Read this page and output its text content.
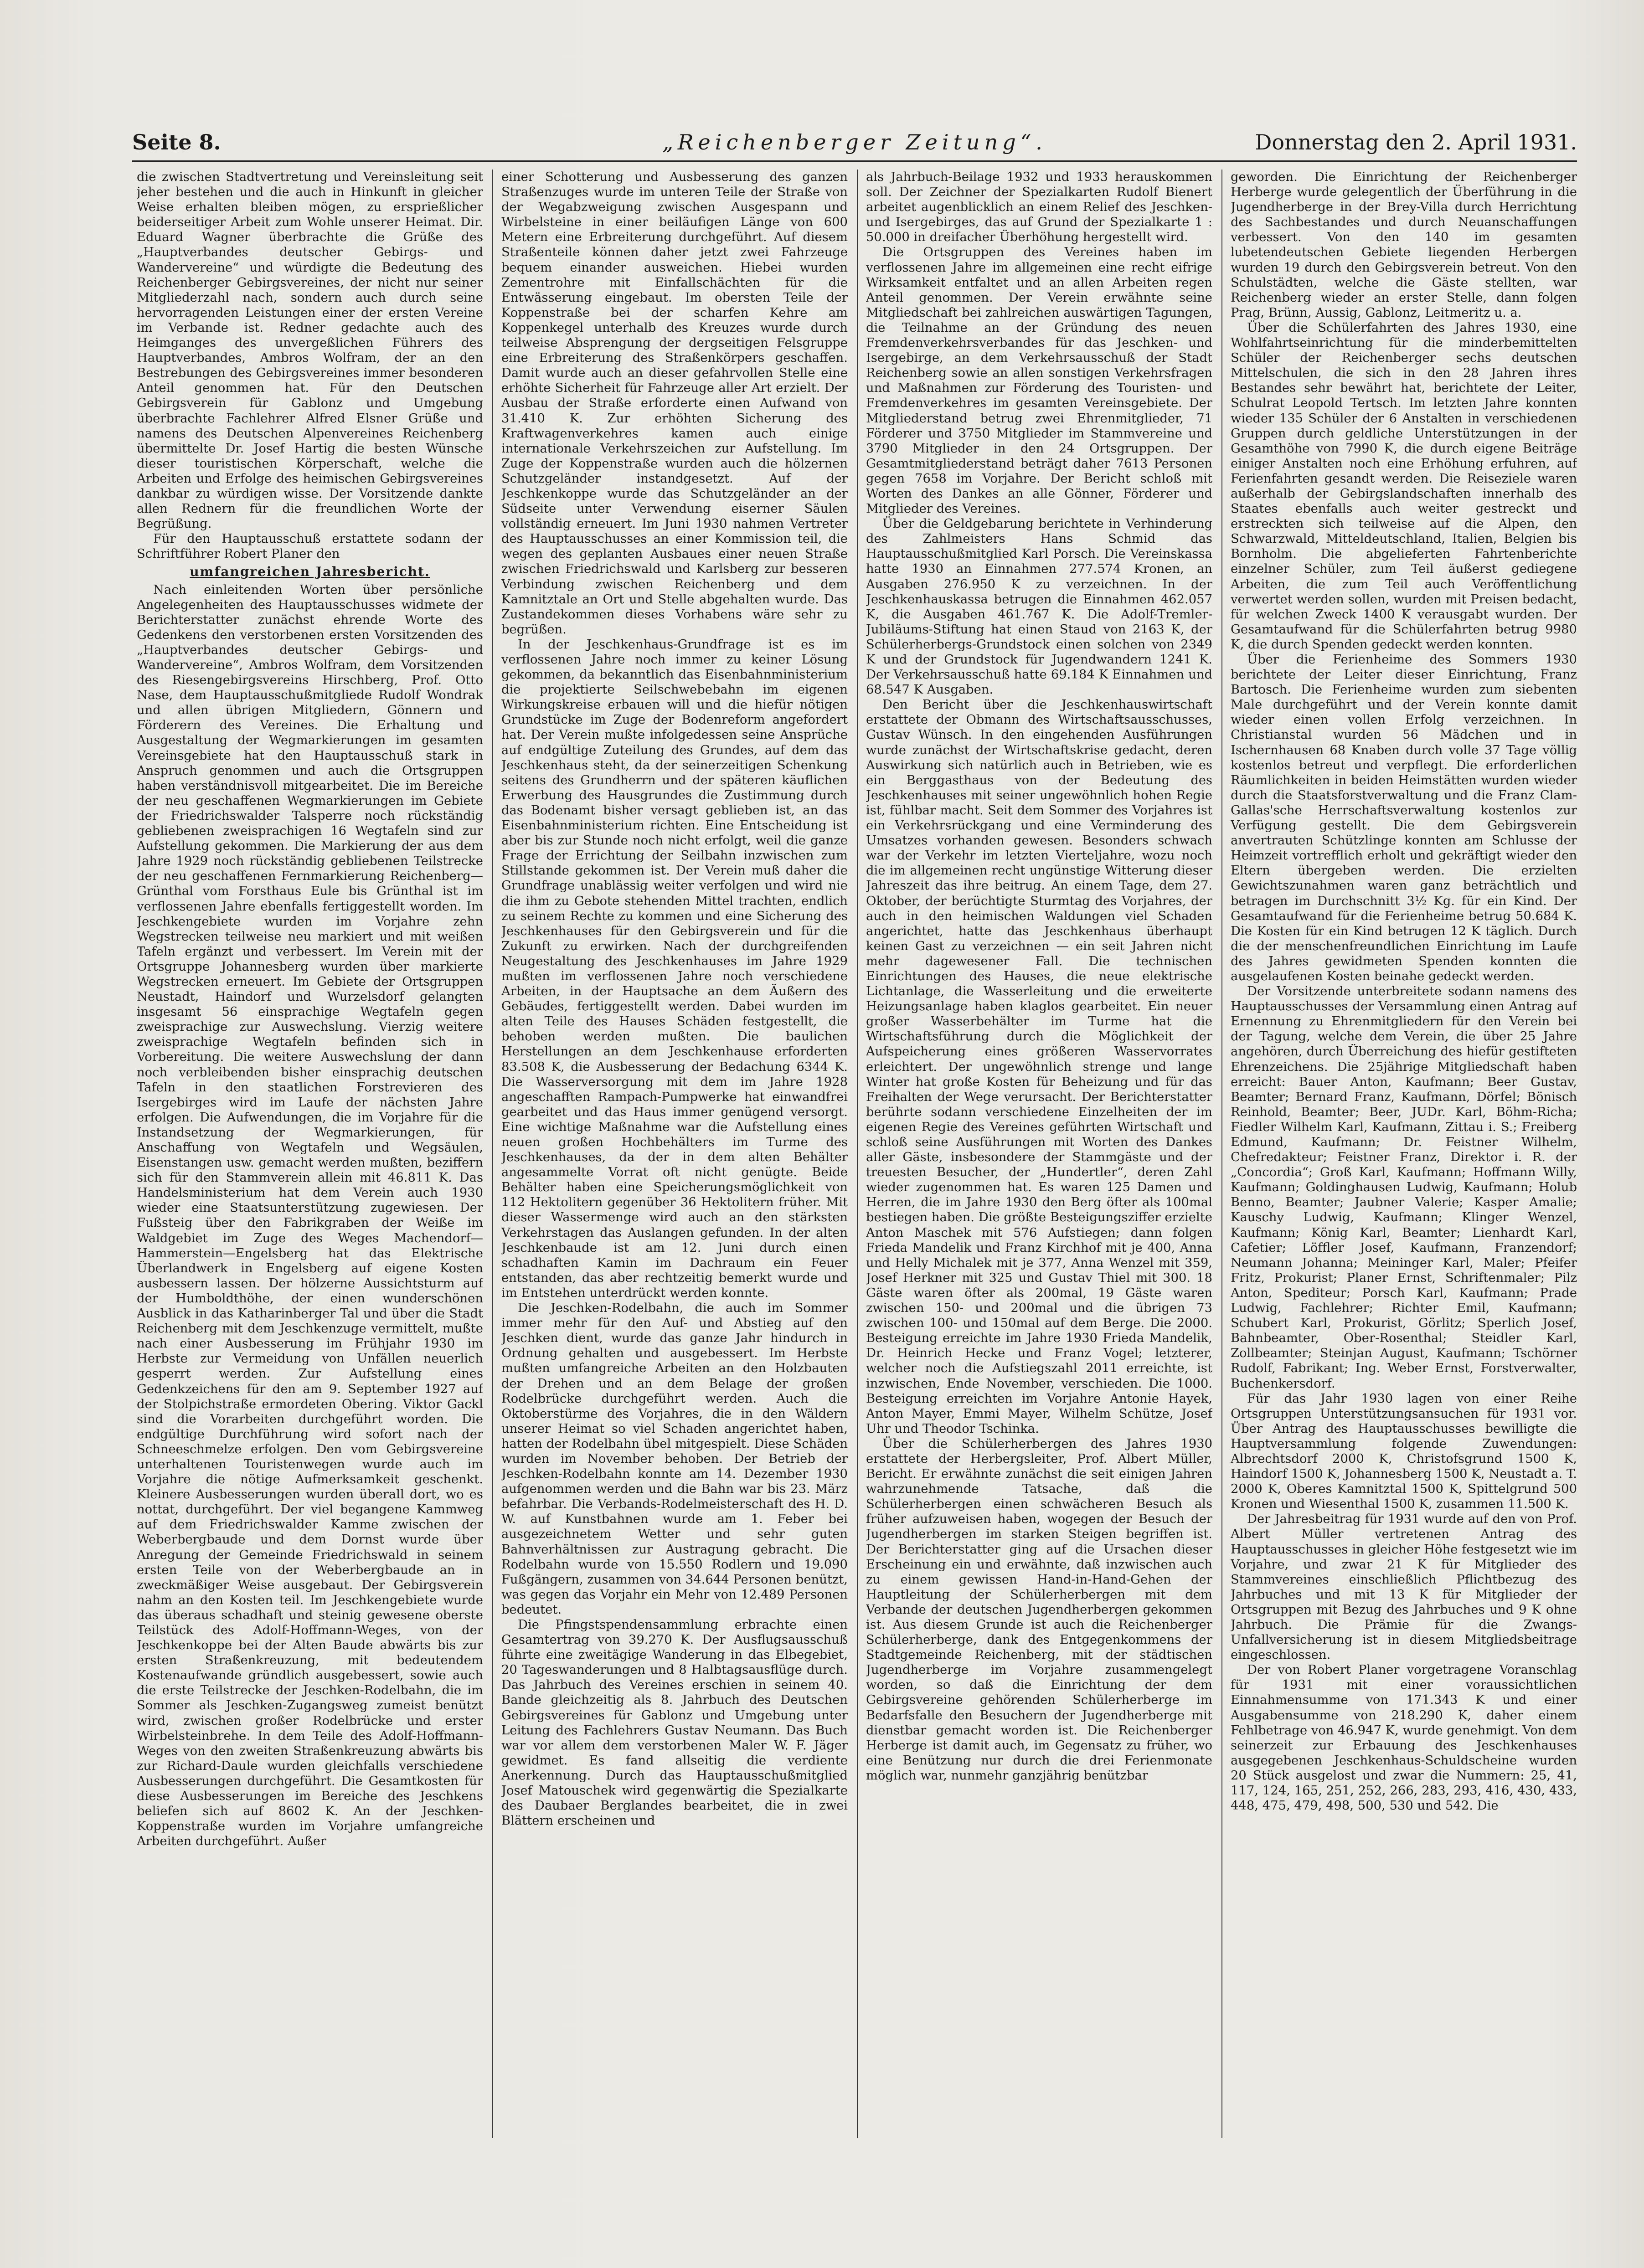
Seite 8.	„Reichenberger Zeitung“.	Donnerstag den 2. April 1931.

die zwischen Stadtvertretung und Vereinsleitung seit jeher bestehen und die auch in Hinkunft in gleicher Weise erhalten bleiben mögen, zu ersprießlicher beiderseitiger Arbeit zum Wohle unserer Heimat. Dir. Eduard Wagner überbrachte die Grüße des „Hauptverbandes deutscher Gebirgs- und Wandervereine“ und würdigte die Bedeutung des Reichenberger Gebirgsvereines, der nicht nur seiner Mitgliederzahl nach, sondern auch durch seine hervorragenden Leistungen einer der ersten Vereine im Verbande ist. Redner gedachte auch des Heimganges des unvergeßlichen Führers des Hauptverbandes, Ambros Wolfram, der an den Bestrebungen des Gebirgsvereines immer besonderen Anteil genommen hat. Für den Deutschen Gebirgsverein für Gablonz und Umgebung überbrachte Fachlehrer Alfred Elsner Grüße und namens des Deutschen Alpenvereines Reichenberg übermittelte Dr. Josef Hartig die besten Wünsche dieser touristischen Körperschaft, welche die Arbeiten und Erfolge des heimischen Gebirgsvereines dankbar zu würdigen wisse. Der Vorsitzende dankte allen Rednern für die freundlichen Worte der Begrüßung.

Für den Hauptausschuß erstattete sodann der Schriftführer Robert Planer den

umfangreichen Jahresbericht.

Nach einleitenden Worten über persönliche Angelegenheiten des Hauptausschusses widmete der Berichterstatter zunächst ehrende Worte des Gedenkens den verstorbenen ersten Vorsitzenden des „Hauptverbandes deutscher Gebirgs- und Wandervereine“, Ambros Wolfram, dem Vorsitzenden des Riesengebirgsvereins Hirschberg, Prof. Otto Nase, dem Hauptausschußmitgliede Rudolf Wondrak und allen übrigen Mitgliedern, Gönnern und Förderern des Vereines. Die Erhaltung und Ausgestaltung der Wegmarkierungen im gesamten Vereinsgebiete hat den Hauptausschuß stark in Anspruch genommen und auch die Ortsgruppen haben verständnisvoll mitgearbeitet. Die im Bereiche der neu geschaffenen Wegmarkierungen im Gebiete der Friedrichswalder Talsperre noch rückständig gebliebenen zweisprachigen 16 Wegtafeln sind zur Aufstellung gekommen. Die Markierung der aus dem Jahre 1929 noch rückständig gebliebenen Teilstrecke der neu geschaffenen Fernmarkierung Reichenberg—Grünthal vom Forsthaus Eule bis Grünthal ist im verflossenen Jahre ebenfalls fertiggestellt worden. Im Jeschkengebiete wurden im Vorjahre zehn Wegstrecken teilweise neu markiert und mit weißen Tafeln ergänzt und verbessert. Im Verein mit der Ortsgruppe Johannesberg wurden über markierte Wegstrecken erneuert. Im Gebiete der Ortsgruppen Neustadt, Haindorf und Wurzelsdorf gelangten insgesamt 56 einsprachige Wegtafeln gegen zweisprachige zur Auswechslung. Vierzig weitere zweisprachige Wegtafeln befinden sich in Vorbereitung. Die weitere Auswechslung der dann noch verbleibenden bisher einsprachig deutschen Tafeln in den staatlichen Forstrevieren des Isergebirges wird im Laufe der nächsten Jahre erfolgen. Die Aufwendungen, die im Vorjahre für die Instandsetzung der Wegmarkierungen, für Anschaffung von Wegtafeln und Wegsäulen, Eisenstangen usw. gemacht werden mußten, beziffern sich für den Stammverein allein mit 46.811 K. Das Handelsministerium hat dem Verein auch 1930 wieder eine Staatsunterstützung zugewiesen. Der Fußsteig über den Fabrikgraben der Weiße im Waldgebiet im Zuge des Weges Machendorf—Hammerstein—Engelsberg hat das Elektrische Überlandwerk in Engelsberg auf eigene Kosten ausbessern lassen. Der hölzerne Aussichtsturm auf der Humboldthöhe, der einen wunderschönen Ausblick in das Katharinberger Tal und über die Stadt Reichenberg mit dem Jeschkenzuge vermittelt, mußte nach einer Ausbesserung im Frühjahr 1930 im Herbste zur Vermeidung von Unfällen neuerlich gesperrt werden. Zur Aufstellung eines Gedenkzeichens für den am 9. September 1927 auf der Stolpichstraße ermordeten Obering. Viktor Gackl sind die Vorarbeiten durchgeführt worden. Die endgültige Durchführung wird sofort nach der Schneeschmelze erfolgen. Den vom Gebirgsvereine unterhaltenen Touristenwegen wurde auch im Vorjahre die nötige Aufmerksamkeit geschenkt. Kleinere Ausbesserungen wurden überall dort, wo es nottat, durchgeführt. Der viel begangene Kammweg auf dem Friedrichswalder Kamme zwischen der Weberbergbaude und dem Dornst wurde über Anregung der Gemeinde Friedrichswald in seinem ersten Teile von der Weberbergbaude an in zweckmäßiger Weise ausgebaut. Der Gebirgsverein nahm an den Kosten teil. Im Jeschkengebiete wurde das überaus schadhaft und steinig gewesene oberste Teilstück des Adolf-Hoffmann-Weges, von der Jeschkenkoppe bei der Alten Baude abwärts bis zur ersten Straßenkreuzung, mit bedeutendem Kostenaufwande gründlich ausgebessert, sowie auch die erste Teilstrecke der Jeschken-Rodelbahn, die im Sommer als Jeschken-Zugangsweg zumeist benützt wird, zwischen großer Rodelbrücke und erster Wirbelsteinbrehe. In dem Teile des Adolf-Hoffmann-Weges von den zweiten Straßenkreuzung abwärts bis zur Richard-Daule wurden gleichfalls verschiedene Ausbesserungen durchgeführt. Die Gesamtkosten für diese Ausbesserungen im Bereiche des Jeschkens beliefen sich auf 8602 K. An der Jeschken-Koppenstraße wurden im Vorjahre umfangreiche Arbeiten durchgeführt. Außer

einer Schotterung und Ausbesserung des ganzen Straßenzuges wurde im unteren Teile der Straße von der Wegabzweigung zwischen Ausgespann und Wirbelsteine in einer beiläufigen Länge von 600 Metern eine Erbreiterung durchgeführt. Auf diesem Straßenteile können daher jetzt zwei Fahrzeuge bequem einander ausweichen. Hiebei wurden Zementrohre mit Einfallschächten für die Entwässerung eingebaut. Im obersten Teile der Koppenstraße bei der scharfen Kehre am Koppenkegel unterhalb des Kreuzes wurde durch teilweise Absprengung der dergseitigen Felsgruppe eine Erbreiterung des Straßenkörpers geschaffen. Damit wurde auch an dieser gefahrvollen Stelle eine erhöhte Sicherheit für Fahrzeuge aller Art erzielt. Der Ausbau der Straße erforderte einen Aufwand von 31.410 K. Zur erhöhten Sicherung des Kraftwagenverkehres kamen auch einige internationale Verkehrszeichen zur Aufstellung. Im Zuge der Koppenstraße wurden auch die hölzernen Schutzgeländer instandgesetzt. Auf der Jeschkenkoppe wurde das Schutzgeländer an der Südseite unter Verwendung eiserner Säulen vollständig erneuert. Im Juni 1930 nahmen Vertreter des Hauptausschusses an einer Kommission teil, die wegen des geplanten Ausbaues einer neuen Straße zwischen Friedrichswald und Karlsberg zur besseren Verbindung zwischen Reichenberg und dem Kamnitztale an Ort und Stelle abgehalten wurde. Das Zustandekommen dieses Vorhabens wäre sehr zu begrüßen.

In der Jeschkenhaus-Grundfrage ist es im verflossenen Jahre noch immer zu keiner Lösung gekommen, da bekanntlich das Eisenbahnministerium die projektierte Seilschwebebahn im eigenen Wirkungskreise erbauen will und die hiefür nötigen Grundstücke im Zuge der Bodenreform angefordert hat. Der Verein mußte infolgedessen seine Ansprüche auf endgültige Zuteilung des Grundes, auf dem das Jeschkenhaus steht, da der seinerzeitigen Schenkung seitens des Grundherrn und der späteren käuflichen Erwerbung des Hausgrundes die Zustimmung durch das Bodenamt bisher versagt geblieben ist, an das Eisenbahnministerium richten. Eine Entscheidung ist aber bis zur Stunde noch nicht erfolgt, weil die ganze Frage der Errichtung der Seilbahn inzwischen zum Stillstande gekommen ist. Der Verein muß daher die Grundfrage unablässig weiter verfolgen und wird nie die ihm zu Gebote stehenden Mittel trachten, endlich zu seinem Rechte zu kommen und eine Sicherung des Jeschkenhauses für den Gebirgsverein und für die Zukunft zu erwirken. Nach der durchgreifenden Neugestaltung des Jeschkenhauses im Jahre 1929 mußten im verflossenen Jahre noch verschiedene Arbeiten, in der Hauptsache an dem Äußern des Gebäudes, fertiggestellt werden. Dabei wurden im alten Teile des Hauses Schäden festgestellt, die behoben werden mußten. Die baulichen Herstellungen an dem Jeschkenhause erforderten 83.508 K, die Ausbesserung der Bedachung 6344 K. Die Wasserversorgung mit dem im Jahre 1928 angeschafften Rampach-Pumpwerke hat einwandfrei gearbeitet und das Haus immer genügend versorgt. Eine wichtige Maßnahme war die Aufstellung eines neuen großen Hochbehälters im Turme des Jeschkenhauses, da der in dem alten Behälter angesammelte Vorrat oft nicht genügte. Beide Behälter haben eine Speicherungsmöglichkeit von 112 Hektolitern gegenüber 36 Hektolitern früher. Mit dieser Wassermenge wird auch an den stärksten Verkehrstagen das Auslangen gefunden. In der alten Jeschkenbaude ist am 12. Juni durch einen schadhaften Kamin im Dachraum ein Feuer entstanden, das aber rechtzeitig bemerkt wurde und im Entstehen unterdrückt werden konnte.

Die Jeschken-Rodelbahn, die auch im Sommer immer mehr für den Auf- und Abstieg auf den Jeschken dient, wurde das ganze Jahr hindurch in Ordnung gehalten und ausgebessert. Im Herbste mußten umfangreiche Arbeiten an den Holzbauten der Drehen und an dem Belage der großen Rodelbrücke durchgeführt werden. Auch die Oktoberstürme des Vorjahres, die in den Wäldern unserer Heimat so viel Schaden angerichtet haben, hatten der Rodelbahn übel mitgespielt. Diese Schäden wurden im November behoben. Der Betrieb der Jeschken-Rodelbahn konnte am 14. Dezember 1930 aufgenommen werden und die Bahn war bis 23. März befahrbar. Die Verbands-Rodelmeisterschaft des H. D. W. auf Kunstbahnen wurde am 1. Feber bei ausgezeichnetem Wetter und sehr guten Bahnverhältnissen zur Austragung gebracht. Die Rodelbahn wurde von 15.550 Rodlern und 19.090 Fußgängern, zusammen von 34.644 Personen benützt, was gegen das Vorjahr ein Mehr von 12.489 Personen bedeutet.

Die Pfingstspendensammlung erbrachte einen Gesamtertrag von 39.270 K. Der Ausflugsausschuß führte eine zweitägige Wanderung in das Elbegebiet, 20 Tageswanderungen und 8 Halbtagsausflüge durch. Das Jahrbuch des Vereines erschien in seinem 40. Bande gleichzeitig als 8. Jahrbuch des Deutschen Gebirgsvereines für Gablonz und Umgebung unter Leitung des Fachlehrers Gustav Neumann. Das Buch war vor allem dem verstorbenen Maler W. F. Jäger gewidmet. Es fand allseitig die verdiente Anerkennung. Durch das Hauptausschußmitglied Josef Matouschek wird gegenwärtig die Spezialkarte des Daubaer Berglandes bearbeitet, die in zwei Blättern erscheinen und

als Jahrbuch-Beilage 1932 und 1933 herauskommen soll. Der Zeichner der Spezialkarten Rudolf Bienert arbeitet augenblicklich an einem Relief des Jeschken- und Isergebirges, das auf Grund der Spezialkarte 1 : 50.000 in dreifacher Überhöhung hergestellt wird.

Die Ortsgruppen des Vereines haben im verflossenen Jahre im allgemeinen eine recht eifrige Wirksamkeit entfaltet und an allen Arbeiten regen Anteil genommen. Der Verein erwähnte seine Mitgliedschaft bei zahlreichen auswärtigen Tagungen, die Teilnahme an der Gründung des neuen Fremdenverkehrsverbandes für das Jeschken- und Isergebirge, an dem Verkehrsausschuß der Stadt Reichenberg sowie an allen sonstigen Verkehrsfragen und Maßnahmen zur Förderung des Touristen- und Fremdenverkehres im gesamten Vereinsgebiete. Der Mitgliederstand betrug zwei Ehrenmitglieder, 71 Förderer und 3750 Mitglieder im Stammvereine und 3790 Mitglieder in den 24 Ortsgruppen. Der Gesamtmitgliederstand beträgt daher 7613 Personen gegen 7658 im Vorjahre. Der Bericht schloß mit Worten des Dankes an alle Gönner, Förderer und Mitglieder des Vereines.

Über die Geldgebarung berichtete in Verhinderung des Zahlmeisters Hans Schmid das Hauptausschußmitglied Karl Porsch. Die Vereinskassa hatte 1930 an Einnahmen 277.574 Kronen, an Ausgaben 276.950 K zu verzeichnen. In der Jeschkenhauskassa betrugen die Einnahmen 462.057 K, die Ausgaben 461.767 K. Die Adolf-Tremler-Jubiläums-Stiftung hat einen Staud von 2163 K, der Schülerherbergs-Grundstock einen solchen von 2349 K und der Grundstock für Jugendwandern 1241 K. Der Verkehrsausschuß hatte 69.184 K Einnahmen und 68.547 K Ausgaben.

Den Bericht über die Jeschkenhauswirtschaft erstattete der Obmann des Wirtschaftsausschusses, Gustav Wünsch. In den eingehenden Ausführungen wurde zunächst der Wirtschaftskrise gedacht, deren Auswirkung sich natürlich auch in Betrieben, wie es ein Berggasthaus von der Bedeutung des Jeschkenhauses mit seiner ungewöhnlich hohen Regie ist, fühlbar macht. Seit dem Sommer des Vorjahres ist ein Verkehrsrückgang und eine Verminderung des Umsatzes vorhanden gewesen. Besonders schwach war der Verkehr im letzten Vierteljahre, wozu noch die im allgemeinen recht ungünstige Witterung dieser Jahreszeit das ihre beitrug. An einem Tage, dem 27. Oktober, der berüchtigte Sturmtag des Vorjahres, der auch in den heimischen Waldungen viel Schaden angerichtet, hatte das Jeschkenhaus überhaupt keinen Gast zu verzeichnen — ein seit Jahren nicht mehr dagewesener Fall. Die technischen Einrichtungen des Hauses, die neue elektrische Lichtanlage, die Wasserleitung und die erweiterte Heizungsanlage haben klaglos gearbeitet. Ein neuer großer Wasserbehälter im Turme hat die Wirtschaftsführung durch die Möglichkeit der Aufspeicherung eines größeren Wasservorrates erleichtert. Der ungewöhnlich strenge und lange Winter hat große Kosten für Beheizung und für das Freihalten der Wege verursacht. Der Berichterstatter berührte sodann verschiedene Einzelheiten der im eigenen Regie des Vereines geführten Wirtschaft und schloß seine Ausführungen mit Worten des Dankes aller Gäste, insbesondere der Stammgäste und der treuesten Besucher, der „Hundertler“, deren Zahl wieder zugenommen hat. Es waren 125 Damen und Herren, die im Jahre 1930 den Berg öfter als 100mal bestiegen haben. Die größte Besteigungsziffer erzielte Anton Maschek mit 576 Aufstiegen; dann folgen Frieda Mandelik und Franz Kirchhof mit je 400, Anna und Helly Michalek mit je 377, Anna Wenzel mit 359, Josef Herkner mit 325 und Gustav Thiel mit 300. 18 Gäste waren öfter als 200mal, 19 Gäste waren zwischen 150- und 200mal und die übrigen 73 zwischen 100- und 150mal auf dem Berge. Die 2000. Besteigung erreichte im Jahre 1930 Frieda Mandelik, Dr. Heinrich Hecke und Franz Vogel; letzterer, welcher noch die Aufstiegszahl 2011 erreichte, ist inzwischen, Ende November, verschieden. Die 1000. Besteigung erreichten im Vorjahre Antonie Hayek, Anton Mayer, Emmi Mayer, Wilhelm Schütze, Josef Uhr und Theodor Tschinka.

Über die Schülerherbergen des Jahres 1930 erstattete der Herbergsleiter, Prof. Albert Müller, Bericht. Er erwähnte zunächst die seit einigen Jahren wahrzunehmende Tatsache, daß die Schülerherbergen einen schwächeren Besuch als früher aufzuweisen haben, wogegen der Besuch der Jugendherbergen im starken Steigen begriffen ist. Der Berichterstatter ging auf die Ursachen dieser Erscheinung ein und erwähnte, daß inzwischen auch zu einem gewissen Hand-in-Hand-Gehen der Hauptleitung der Schülerherbergen mit dem Verbande der deutschen Jugendherbergen gekommen ist. Aus diesem Grunde ist auch die Reichenberger Schülerherberge, dank des Entgegenkommens der Stadtgemeinde Reichenberg, mit der städtischen Jugendherberge im Vorjahre zusammengelegt worden, so daß die Einrichtung der dem Gebirgsvereine gehörenden Schülerherberge im Bedarfsfalle den Besuchern der Jugendherberge mit dienstbar gemacht worden ist. Die Reichenberger Herberge ist damit auch, im Gegensatz zu früher, wo eine Benützung nur durch die drei Ferienmonate möglich war, nunmehr ganzjährig benützbar

geworden. Die Einrichtung der Reichenberger Herberge wurde gelegentlich der Überführung in die Jugendherberge in der Brey-Villa durch Herrichtung des Sachbestandes und durch Neuanschaffungen verbessert. Von den 140 im gesamten lubetendeutschen Gebiete liegenden Herbergen wurden 19 durch den Gebirgsverein betreut. Von den Schulstädten, welche die Gäste stellten, war Reichenberg wieder an erster Stelle, dann folgen Prag, Brünn, Aussig, Gablonz, Leitmeritz u. a.

Über die Schülerfahrten des Jahres 1930, eine Wohlfahrtseinrichtung für die minderbemittelten Schüler der Reichenberger sechs deutschen Mittelschulen, die sich in den 28 Jahren ihres Bestandes sehr bewährt hat, berichtete der Leiter, Schulrat Leopold Tertsch. Im letzten Jahre konnten wieder 135 Schüler der 6 Anstalten in verschiedenen Gruppen durch geldliche Unterstützungen in der Gesamthöhe von 7990 K, die durch eigene Beiträge einiger Anstalten noch eine Erhöhung erfuhren, auf Ferienfahrten gesandt werden. Die Reiseziele waren außerhalb der Gebirgslandschaften innerhalb des Staates ebenfalls auch weiter gestreckt und erstreckten sich teilweise auf die Alpen, den Schwarzwald, Mitteldeutschland, Italien, Belgien bis Bornholm. Die abgelieferten Fahrtenberichte einzelner Schüler, zum Teil äußerst gediegene Arbeiten, die zum Teil auch Veröffentlichung verwertet werden sollen, wurden mit Preisen bedacht, für welchen Zweck 1400 K verausgabt wurden. Der Gesamtaufwand für die Schülerfahrten betrug 9980 K, die durch Spenden gedeckt werden konnten.

Über die Ferienheime des Sommers 1930 berichtete der Leiter dieser Einrichtung, Franz Bartosch. Die Ferienheime wurden zum siebenten Male durchgeführt und der Verein konnte damit wieder einen vollen Erfolg verzeichnen. In Christianstal wurden 56 Mädchen und in Ischernhausen 68 Knaben durch volle 37 Tage völlig kostenlos betreut und verpflegt. Die erforderlichen Räumlichkeiten in beiden Heimstätten wurden wieder durch die Staatsforstverwaltung und die Franz Clam-Gallas'sche Herrschaftsverwaltung kostenlos zur Verfügung gestellt. Die dem Gebirgsverein anvertrauten Schützlinge konnten am Schlusse der Heimzeit vortrefflich erholt und gekräftigt wieder den Eltern übergeben werden. Die erzielten Gewichtszunahmen waren ganz beträchtlich und betragen im Durchschnitt 3½ Kg. für ein Kind. Der Gesamtaufwand für die Ferienheime betrug 50.684 K. Die Kosten für ein Kind betrugen 12 K täglich. Durch die der menschenfreundlichen Einrichtung im Laufe des Jahres gewidmeten Spenden konnten die ausgelaufenen Kosten beinahe gedeckt werden.

Der Vorsitzende unterbreitete sodann namens des Hauptausschusses der Versammlung einen Antrag auf Ernennung zu Ehrenmitgliedern für den Verein bei der Tagung, welche dem Verein, die über 25 Jahre angehören, durch Überreichung des hiefür gestifteten Ehrenzeichens. Die 25jährige Mitgliedschaft haben erreicht: Bauer Anton, Kaufmann; Beer Gustav, Beamter; Bernard Franz, Kaufmann, Dörfel; Bönisch Reinhold, Beamter; Beer, JUDr. Karl, Böhm-Richa; Fiedler Wilhelm Karl, Kaufmann, Zittau i. S.; Freiberg Edmund, Kaufmann; Dr. Feistner Wilhelm, Chefredakteur; Feistner Franz, Direktor i. R. der „Concordia“; Groß Karl, Kaufmann; Hoffmann Willy, Kaufmann; Goldinghausen Ludwig, Kaufmann; Holub Benno, Beamter; Jaubner Valerie; Kasper Amalie; Kauschy Ludwig, Kaufmann; Klinger Wenzel, Kaufmann; König Karl, Beamter; Lienhardt Karl, Cafetier; Löffler Josef, Kaufmann, Franzendorf; Neumann Johanna; Meininger Karl, Maler; Pfeifer Fritz, Prokurist; Planer Ernst, Schriftenmaler; Pilz Anton, Spediteur; Porsch Karl, Kaufmann; Prade Ludwig, Fachlehrer; Richter Emil, Kaufmann; Schubert Karl, Prokurist, Görlitz; Sperlich Josef, Bahnbeamter, Ober-Rosenthal; Steidler Karl, Zollbeamter; Steinjan August, Kaufmann; Tschörner Rudolf, Fabrikant; Ing. Weber Ernst, Forstverwalter, Buchenkersdorf.

Für das Jahr 1930 lagen von einer Reihe Ortsgruppen Unterstützungsansuchen für 1931 vor. Über Antrag des Hauptausschusses bewilligte die Hauptversammlung folgende Zuwendungen: Albrechtsdorf 2000 K, Christofsgrund 1500 K, Haindorf 1500 K, Johannesberg 1500 K, Neustadt a. T. 2000 K, Oberes Kamnitztal 1500 K, Spittelgrund 500 Kronen und Wiesenthal 1500 K, zusammen 11.500 K.

Der Jahresbeitrag für 1931 wurde auf den von Prof. Albert Müller vertretenen Antrag des Hauptausschusses in gleicher Höhe festgesetzt wie im Vorjahre, und zwar 21 K für Mitglieder des Stammvereines einschließlich Pflichtbezug des Jahrbuches und mit 13 K für Mitglieder der Ortsgruppen mit Bezug des Jahrbuches und 9 K ohne Jahrbuch. Die Prämie für die Zwangs-Unfallversicherung ist in diesem Mitgliedsbeitrage eingeschlossen.

Der von Robert Planer vorgetragene Voranschlag für 1931 mit einer voraussichtlichen Einnahmensumme von 171.343 K und einer Ausgabensumme von 218.290 K, daher einem Fehlbetrage von 46.947 K, wurde genehmigt. Von dem seinerzeit zur Erbauung des Jeschkenhauses ausgegebenen Jeschkenhaus-Schuldscheine wurden 20 Stück ausgelost und zwar die Nummern: 25, 41, 117, 124, 165, 251, 252, 266, 283, 293, 416, 430, 433, 448, 475, 479, 498, 500, 530 und 542. Die
